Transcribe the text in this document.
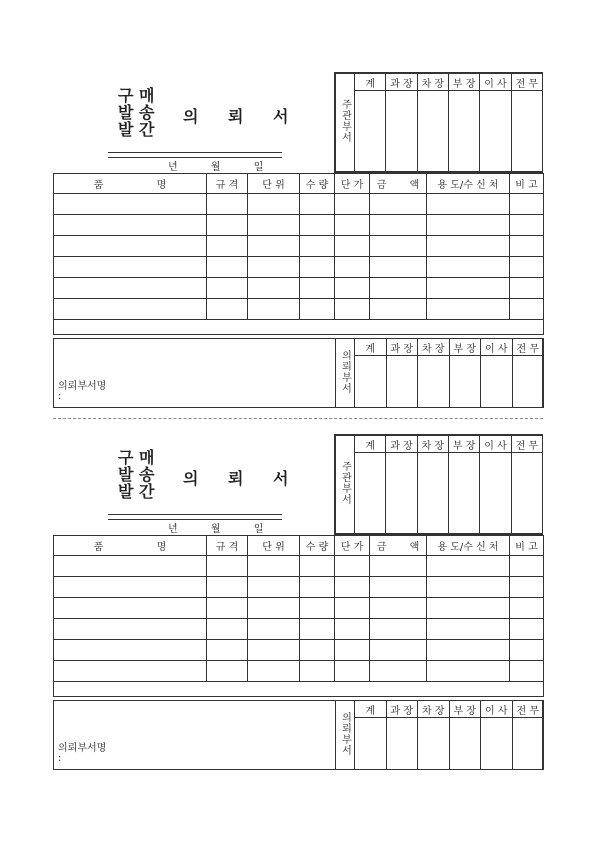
주관부서	계	과 장	차 장	부 장	이 사	전 무

구 매
발 송
발 간
의 뢰 서
년	월	일
품 명	규 격	단 위	수 량	단 가	금 액	용 도/수 신 처	비 고

의뢰부서명
:
의뢰부서	계	과 장	차 장	부 장	이 사	전 무

주관부서	계	과 장	차 장	부 장	이 사	전 무

구 매
발 송
발 간
의 뢰 서
년	월	일
품 명	규 격	단 위	수 량	단 가	금 액	용 도/수 신 처	비 고

의뢰부서명
:
의뢰부서	계	과 장	차 장	부 장	이 사	전 무
